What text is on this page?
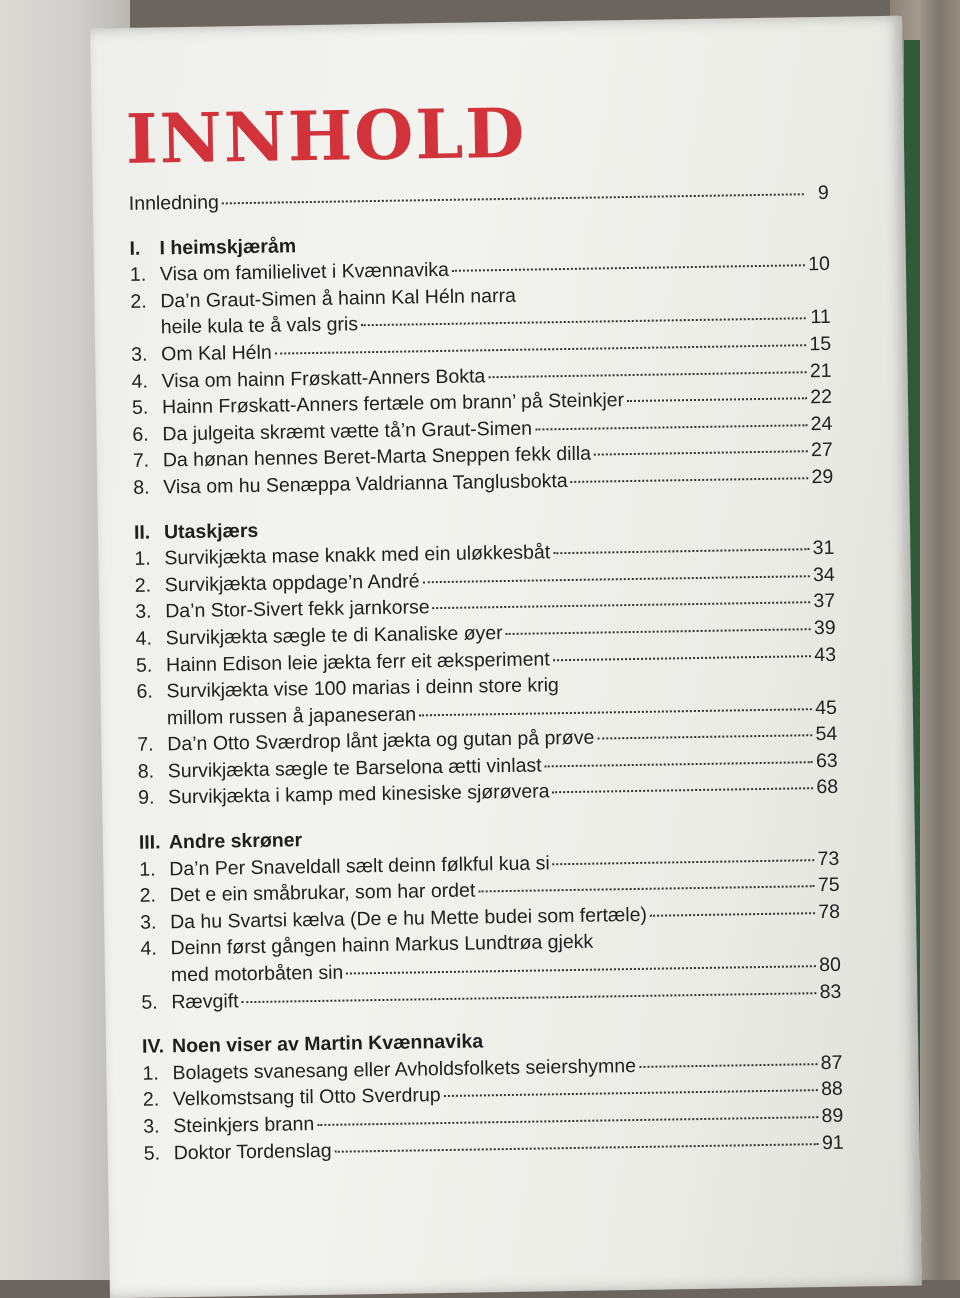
INNHOLD
Innledning	9
I. I heimskjæråm
1. Visa om familielivet i Kvænnavika	10
2. Da’n Graut-Simen å hainn Kal Héln narra
heile kula te å vals gris	11
3. Om Kal Héln	15
4. Visa om hainn Frøskatt-Anners Bokta	21
5. Hainn Frøskatt-Anners fertæle om brann’ på Steinkjer	22
6. Da julgeita skræmt vætte tå’n Graut-Simen	24
7. Da hønan hennes Beret-Marta Sneppen fekk dilla	27
8. Visa om hu Senæppa Valdrianna Tanglusbokta	29
II. Utaskjærs
1. Survikjækta mase knakk med ein uløkkesbåt	31
2. Survikjækta oppdage’n André	34
3. Da’n Stor-Sivert fekk jarnkorse	37
4. Survikjækta sægle te di Kanaliske øyer	39
5. Hainn Edison leie jækta ferr eit æksperiment	43
6. Survikjækta vise 100 marias i deinn store krig
millom russen å japaneseran	45
7. Da’n Otto Sværdrop lånt jækta og gutan på prøve	54
8. Survikjækta sægle te Barselona ætti vinlast	63
9. Survikjækta i kamp med kinesiske sjørøvera	68
III. Andre skrøner
1. Da’n Per Snaveldall sælt deinn følkful kua si	73
2. Det e ein småbrukar, som har ordet	75
3. Da hu Svartsi kælva (De e hu Mette budei som fertæle)	78
4. Deinn først gången hainn Markus Lundtrøa gjekk
med motorbåten sin	80
5. Rævgift	83
IV. Noen viser av Martin Kvænnavika
1. Bolagets svanesang eller Avholdsfolkets seiershymne	87
2. Velkomstsang til Otto Sverdrup	88
3. Steinkjers brann	89
5. Doktor Tordenslag	91
